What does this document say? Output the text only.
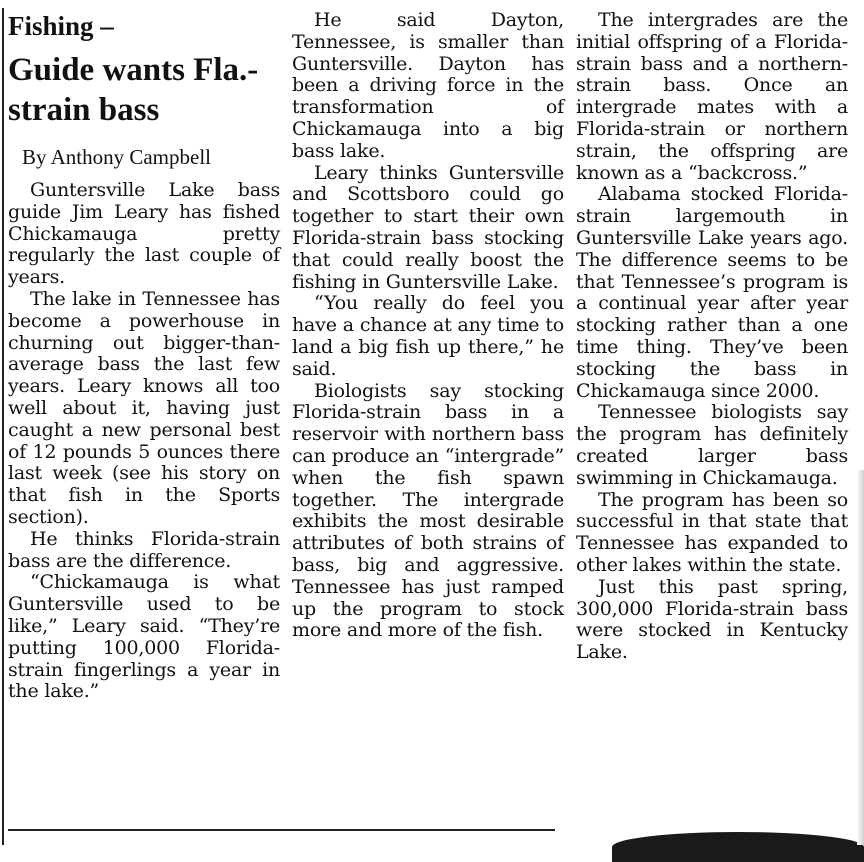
Fishing –
Guide wants Fla.-strain bass
By Anthony Campbell

Guntersville Lake bass guide Jim Leary has fished Chickamauga pretty regularly the last couple of years.

The lake in Tennessee has become a powerhouse in churning out bigger-than-average bass the last few years. Leary knows all too well about it, having just caught a new personal best of 12 pounds 5 ounces there last week (see his story on that fish in the Sports section).

He thinks Florida-strain bass are the difference.

“Chickamauga is what Guntersville used to be like,” Leary said. “They’re putting 100,000 Florida-strain fingerlings a year in the lake.”

He said Dayton, Tennessee, is smaller than Guntersville. Dayton has been a driving force in the transformation of Chickamauga into a big bass lake.

Leary thinks Guntersville and Scottsboro could go together to start their own Florida-strain bass stocking that could really boost the fishing in Guntersville Lake.

“You really do feel you have a chance at any time to land a big fish up there,” he said.

Biologists say stocking Florida-strain bass in a reservoir with northern bass can produce an “intergrade” when the fish spawn together. The intergrade exhibits the most desirable attributes of both strains of bass, big and aggressive. Tennessee has just ramped up the program to stock more and more of the fish.

The intergrades are the initial offspring of a Florida-strain bass and a northern-strain bass. Once an intergrade mates with a Florida-strain or northern strain, the offspring are known as a “backcross.”

Alabama stocked Florida-strain largemouth in Guntersville Lake years ago. The difference seems to be that Tennessee’s program is a continual year after year stocking rather than a one time thing. They’ve been stocking the bass in Chickamauga since 2000.

Tennessee biologists say the program has definitely created larger bass swimming in Chickamauga.

The program has been so successful in that state that Tennessee has expanded to other lakes within the state.

Just this past spring, 300,000 Florida-strain bass were stocked in Kentucky Lake.
